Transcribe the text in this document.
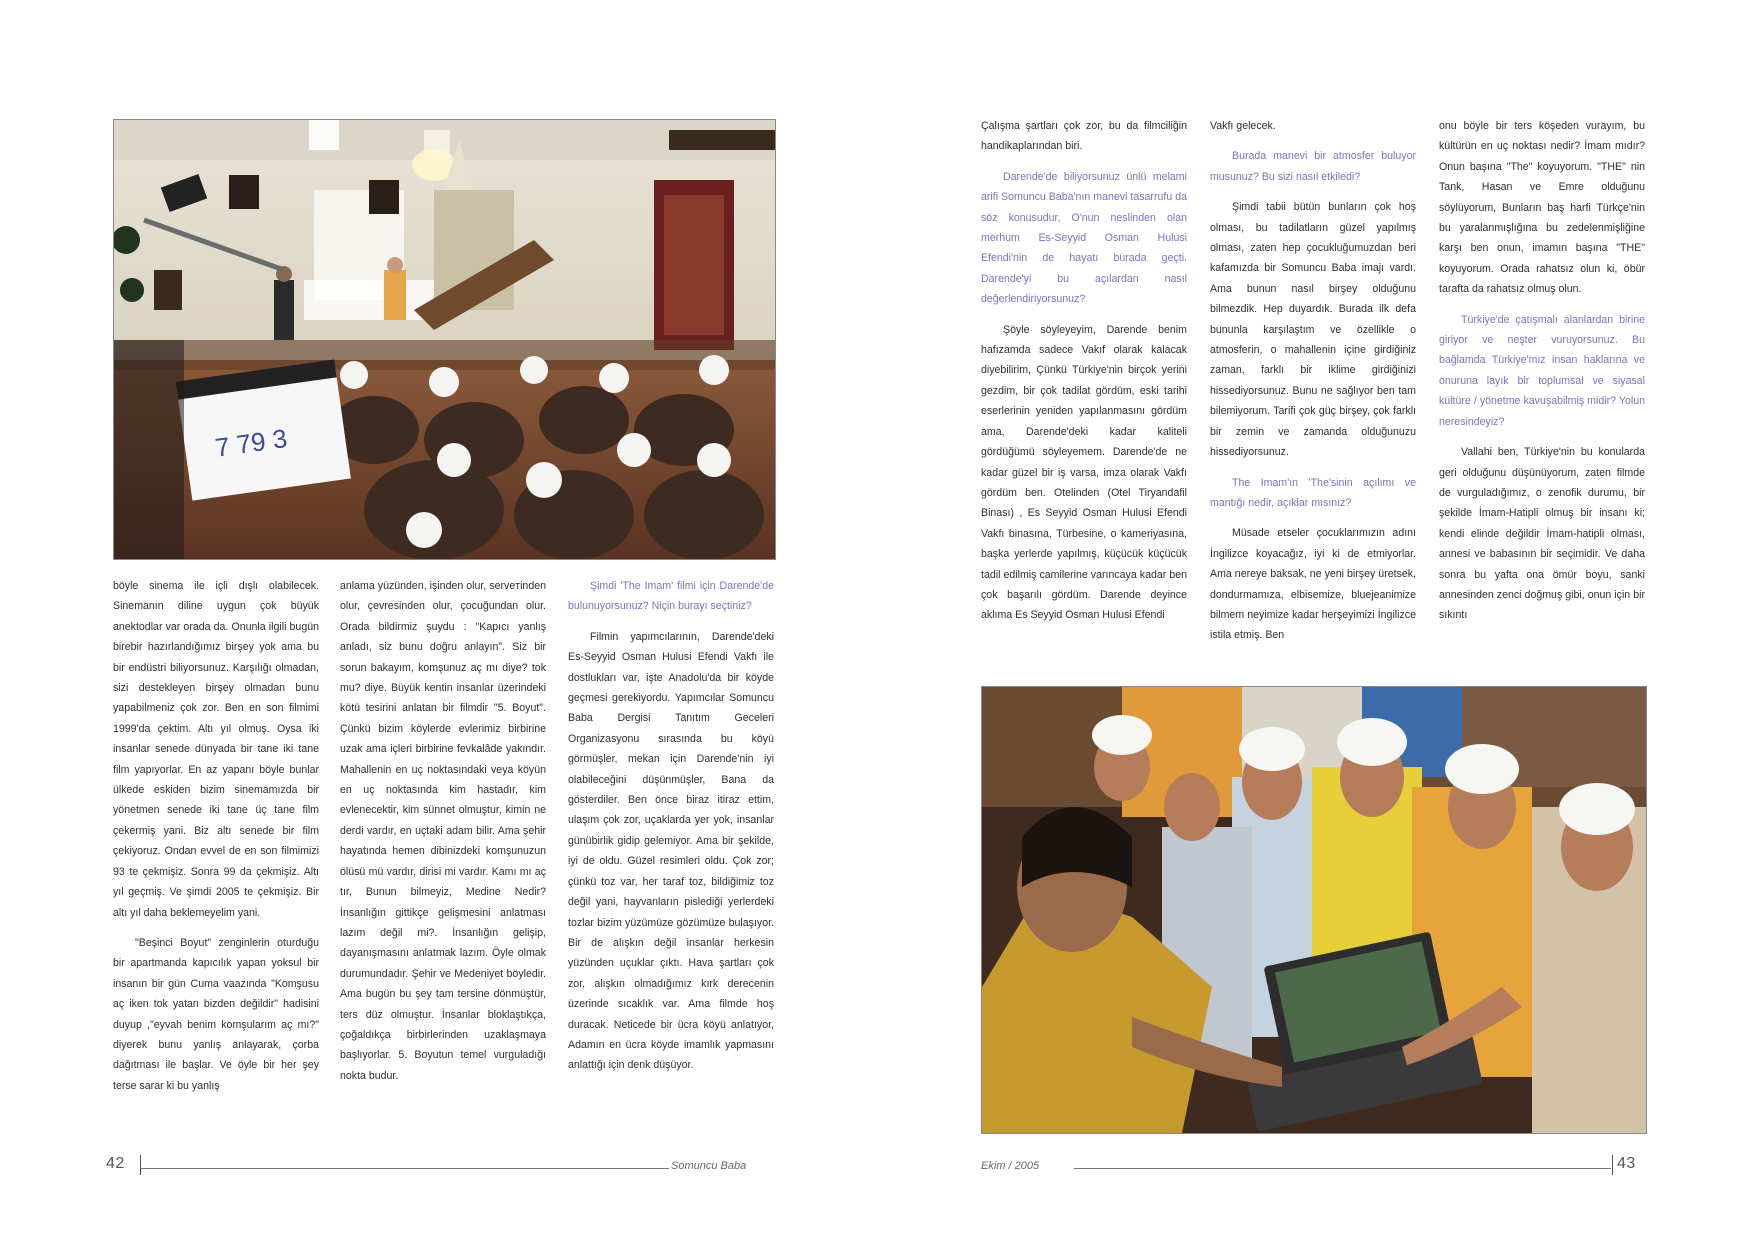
7 79 3

böyle sinema ile içli dışlı olabilecek. Sinemanın diline uygun çok büyük anektodlar var orada da. Onunla ilgili bugün birebir hazırlandığımız birşey yok ama bu bir endüstri biliyorsunuz. Karşılığı olmadan, sizi destekleyen birşey olmadan bunu yapabilmeniz çok zor. Ben en son filmimi 1999'da çektim. Altı yıl olmuş. Oysa iki insanlar senede dünyada bir tane iki tane film yapıyorlar. En az yapanı böyle bunlar ülkede eskiden bizim sinemamızda bir yönetmen senede iki tane üç tane film çekermiş yani. Biz altı senede bir film çekiyoruz. Ondan evvel de en son filmimizi 93 te çekmişiz. Sonra 99 da çekmişiz. Altı yıl geçmiş. Ve şimdi 2005 te çekmişiz. Bir altı yıl daha beklemeyelim yani.

"Beşinci Boyut" zenginlerin oturduğu bir apartmanda kapıcılık yapan yoksul bir insanın bir gün Cuma vaazında "Komşusu aç iken tok yatan bizden değildir" hadisini duyup ,"eyvah benim komşularım aç mı?" diyerek bunu yanlış anlayarak, çorba dağıtması ile başlar. Ve öyle bir her şey terse sarar ki bu yanlış

anlama yüzünden, işinden olur, serveтinden olur, çevresinden olur, çocuğundan olur. Orada bildirmiz şuydu : "Kapıcı yanlış anladı, siz bunu doğru anlayın". Siz bir sorun bakayım, komşunuz aç mı diye? tok mu? diye. Büyük kentin insanlar üzerindeki kötü tesirini anlatan bir filmdir "5. Boyut". Çünkü bizim köylerde evlerimiz birbirine uzak ama içleri birbirine fevkalâde yakındır. Mahallenin en uç noktasındaki veya köyün en uç noktasında kim hastadır, kim evlenecektir, kim sünnet olmuştur, kimin ne derdi vardır, en uçtaki adam bilir. Ama şehir hayatında hemen dibinizdeki komşunuzun ölüsü mü vardır, dirisi mi vardır. Kamı mı aç tır, Bunun bilmeyiz, Medine Nedir? İnsanlığın gittikçe gelişmesini anlatması lazım değil mi?. İnsanlığın gelişip, dayanışmasını anlatmak lazım. Öyle olmak durumundadır. Şehir ve Medeniyet böyledir. Ama bugün bu şey tam tersine dönmüştür, ters düz olmuştur. İnsanlar bloklaştıkça, çoğaldıkça birbirlerinden uzaklaşmaya başlıyorlar. 5. Boyutun temel vurguladığı nokta budur.

Şimdi 'The Imam' filmi için Darende'de bulunuyorsunuz? Niçin burayı seçtiniz?

Filmin yapımcılarının, Darende'deki Es-Seyyid Osman Hulusi Efendi Vakfı ile dostlukları var, işte Anadolu'da bir köyde geçmesi gerekiyordu. Yapımcılar Somuncu Baba Dergisi Tanıtım Geceleri Organizasyonu sırasında bu köyü görmüşler, mekan için Darende'nin iyi olabileceğini düşünmüşler, Bana da gösterdiler. Ben önce biraz itiraz ettim, ulaşım çok zor, uçaklarda yer yok, insanlar günübirlik gidip gelemiyor. Ama bir şekilde, iyi de oldu. Güzel resimleri oldu. Çok zor; çünkü toz var, her taraf toz, bildiğimiz toz değil yani, hayvanların pislediği yerlerdeki tozlar bizim yüzümüze gözümüze bulaşıyor. Bir de alışkın değil insanlar herkesin yüzünden uçuklar çıktı. Hava şartları çok zor, alışkın olmadığımız kırk derecenin üzerinde sıcaklık var. Ama filmde hoş duracak. Neticede bir ücra köyü anlatıyor, Adamın en ücra köyde imamlık yapmasını anlattığı için denk düşüyor.

42	Somuncu Baba

Çalışma şartları çok zor, bu da filmciliğin handikaplarından biri.

Darende'de biliyorsunuz ünlü melami arifi Somuncu Baba'nın manevi tasarrufu da söz konusudur, O'nun neslinden olan merhum Es-Seyyid Osman Hulusi Efendi'nin de hayatı burada geçti. Darende'yi bu açılardan nasıl değerlendiriyorsunuz?

Şöyle söyleyeyim, Darende benim hafızamda sadece Vakıf olarak kalacak diyebilirim, Çünkü Türkiye'nin birçok yerini gezdim, bir çok tadilat gördüm, eski tarihi eserlerinin yeniden yapılanmasını gördüm ama, Darende'deki kadar kaliteli gördüğümü söyleyemem. Darende'de ne kadar güzel bir iş varsa, imza olarak Vakfı gördüm ben. Otelinden (Otel Tiryandafil Binası) , Es Seyyid Osman Hulusi Efendi Vakfı binasına, Türbesine, o kameriyasına, başka yerlerde yapılmış, küçücük küçücük tadil edilmiş camilerine varıncaya kadar ben çok başarılı gördüm. Darende deyince aklıma Es Seyyid Osman Hulusi Efendi

Vakfı gelecek.

Burada manevi bir atmosfer buluyor musunuz? Bu sizi nasıl etkiledi?

Şimdi tabii bütün bunların çok hoş olması, bu tadilatların güzel yapılmış olması, zaten hep çocukluğumuzdan beri kafamızda bir Somuncu Baba imajı vardı. Ama bunun nasıl birşey olduğunu bilmezdik. Hep duyardık. Burada ilk defa bununla karşılaştım ve özellikle o atmosferin, o mahallenin içine girdiğiniz zaman, farklı bir iklime girdiğinizi hissediyorsunuz. Bunu ne sağlıyor ben tam bilemiyorum. Tarifi çok güç birşey, çok farklı bir zemin ve zamanda olduğunuzu hissediyorsunuz.

The Imam'ın 'The'sinin açılımı ve mantığı nedir, açıklar mısınız?

Müsade etseler çocuklarımızın adını İngilizce koyacağız, iyi ki de etmiyorlar. Ama nereye baksak, ne yeni birşey üretsek, dondurmamıza, elbisemize, bluejeanimize bilmem neyimize kadar herşeyimizi İngilizce istila etmiş. Ben

onu böyle bir ters köşeden vurayım, bu kültürün en uç noktası nedir? İmam mıdır? Onun başına "The" koyuyorum. "THE" nin Tank, Hasan ve Emre olduğunu söylüyorum, Bunların baş harfi Türkçe'nin bu yaralanmışlığına bu zedelenmişliğine karşı ben onun, imamın başına "THE" koyuyorum. Orada rahatsız olun ki, öbür tarafta da rahatsız olmuş olun.

Türkiye'de çatışmalı alanlardan birine giriyor ve neşter vuruyorsunuz. Bu bağlamda Türkiye'mız insan haklarına ve onuruna layık bir toplumsal ve siyasal kültüre / yönetme kavuşabilmiş midir? Yolun neresindeyiz?

Vallahi ben, Türkiye'nin bu konularda geri olduğunu düşünüyorum, zaten filmde de vurguladığımız, o zenofik durumu, bir şekilde İmam-Hatipli olmuş bir insanı ki; kendi elinde değildir İmam-hatipli olması, annesi ve babasının bir seçimidir. Ve daha sonra bu yafta ona ömür boyu, sanki annesinden zenci doğmuş gibi, onun için bir sıkıntı

Ekim / 2005	43
